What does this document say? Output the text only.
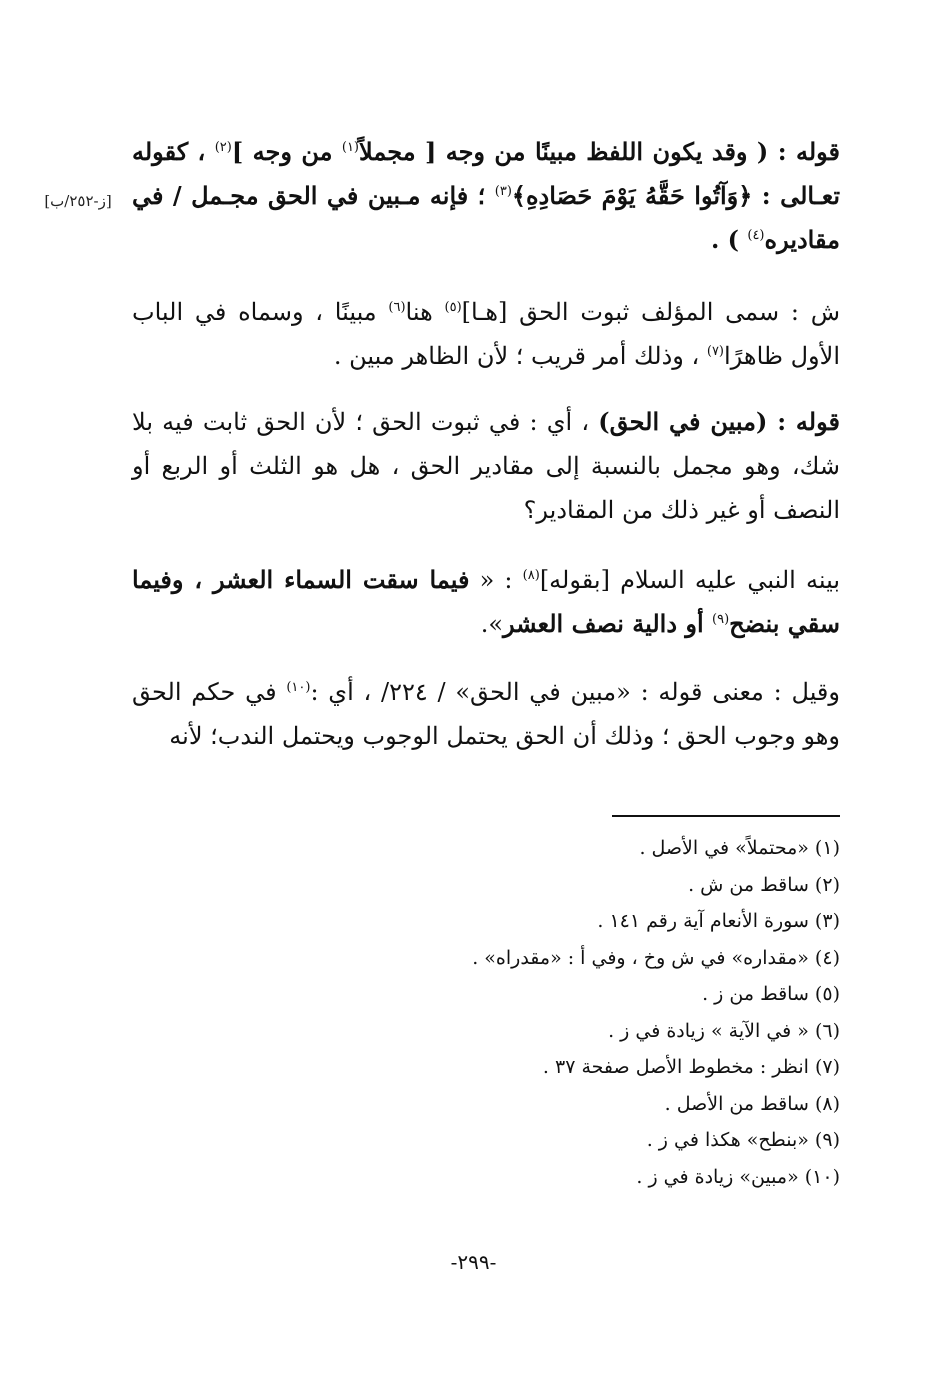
[ز-٢٥٢/ب]

قوله : ( وقد يكون اللفظ مبينًا من وجه [ مجملاً$^{(١)}$ من وجه ]$^{(٢)}$ ، كقوله تعـالى : ﴿وَآتُوا حَقَّهُ يَوْمَ حَصَادِهِ﴾$^{(٣)}$ ؛ فإنه مـبين في الحق مجـمل / في مقاديره$^{(٤)}$ ) .

ش : سمى المؤلف ثبوت الحق [هـا]$^{(٥)}$ هنا$^{(٦)}$ مبينًا ، وسماه في الباب الأول ظاهرًا$^{(٧)}$ ، وذلك أمر قريب ؛ لأن الظاهر مبين .

قوله : (مبين في الحق) ، أي : في ثبوت الحق ؛ لأن الحق ثابت فيه بلا شك، وهو مجمل بالنسبة إلى مقادير الحق ، هل هو الثلث أو الربع أو النصف أو غير ذلك من المقادير؟

بينه النبي عليه السلام [بقوله]$^{(٨)}$ : « فيما سقت السماء العشر ، وفيما سقي بنضح$^{(٩)}$ أو دالية نصف العشر».

وقيل : معنى قوله : «مبين في الحق» / ٢٢٤/ ، أي :$^{(١٠)}$ في حكم الحق وهو وجوب الحق ؛ وذلك أن الحق يحتمل الوجوب ويحتمل الندب؛ لأنه

(١) «محتملاً» في الأصل .

(٢) ساقط من ش .

(٣) سورة الأنعام آية رقم ١٤١ .

(٤) «مقداره» في ش وخ ، وفي أ : «مقدراه» .

(٥) ساقط من ز .

(٦) « في الآية » زيادة في ز .

(٧) انظر : مخطوط الأصل صفحة ٣٧ .

(٨) ساقط من الأصل .

(٩) «بنطح» هكذا في ز .

(١٠) «مبين» زيادة في ز .

-٢٩٩-
